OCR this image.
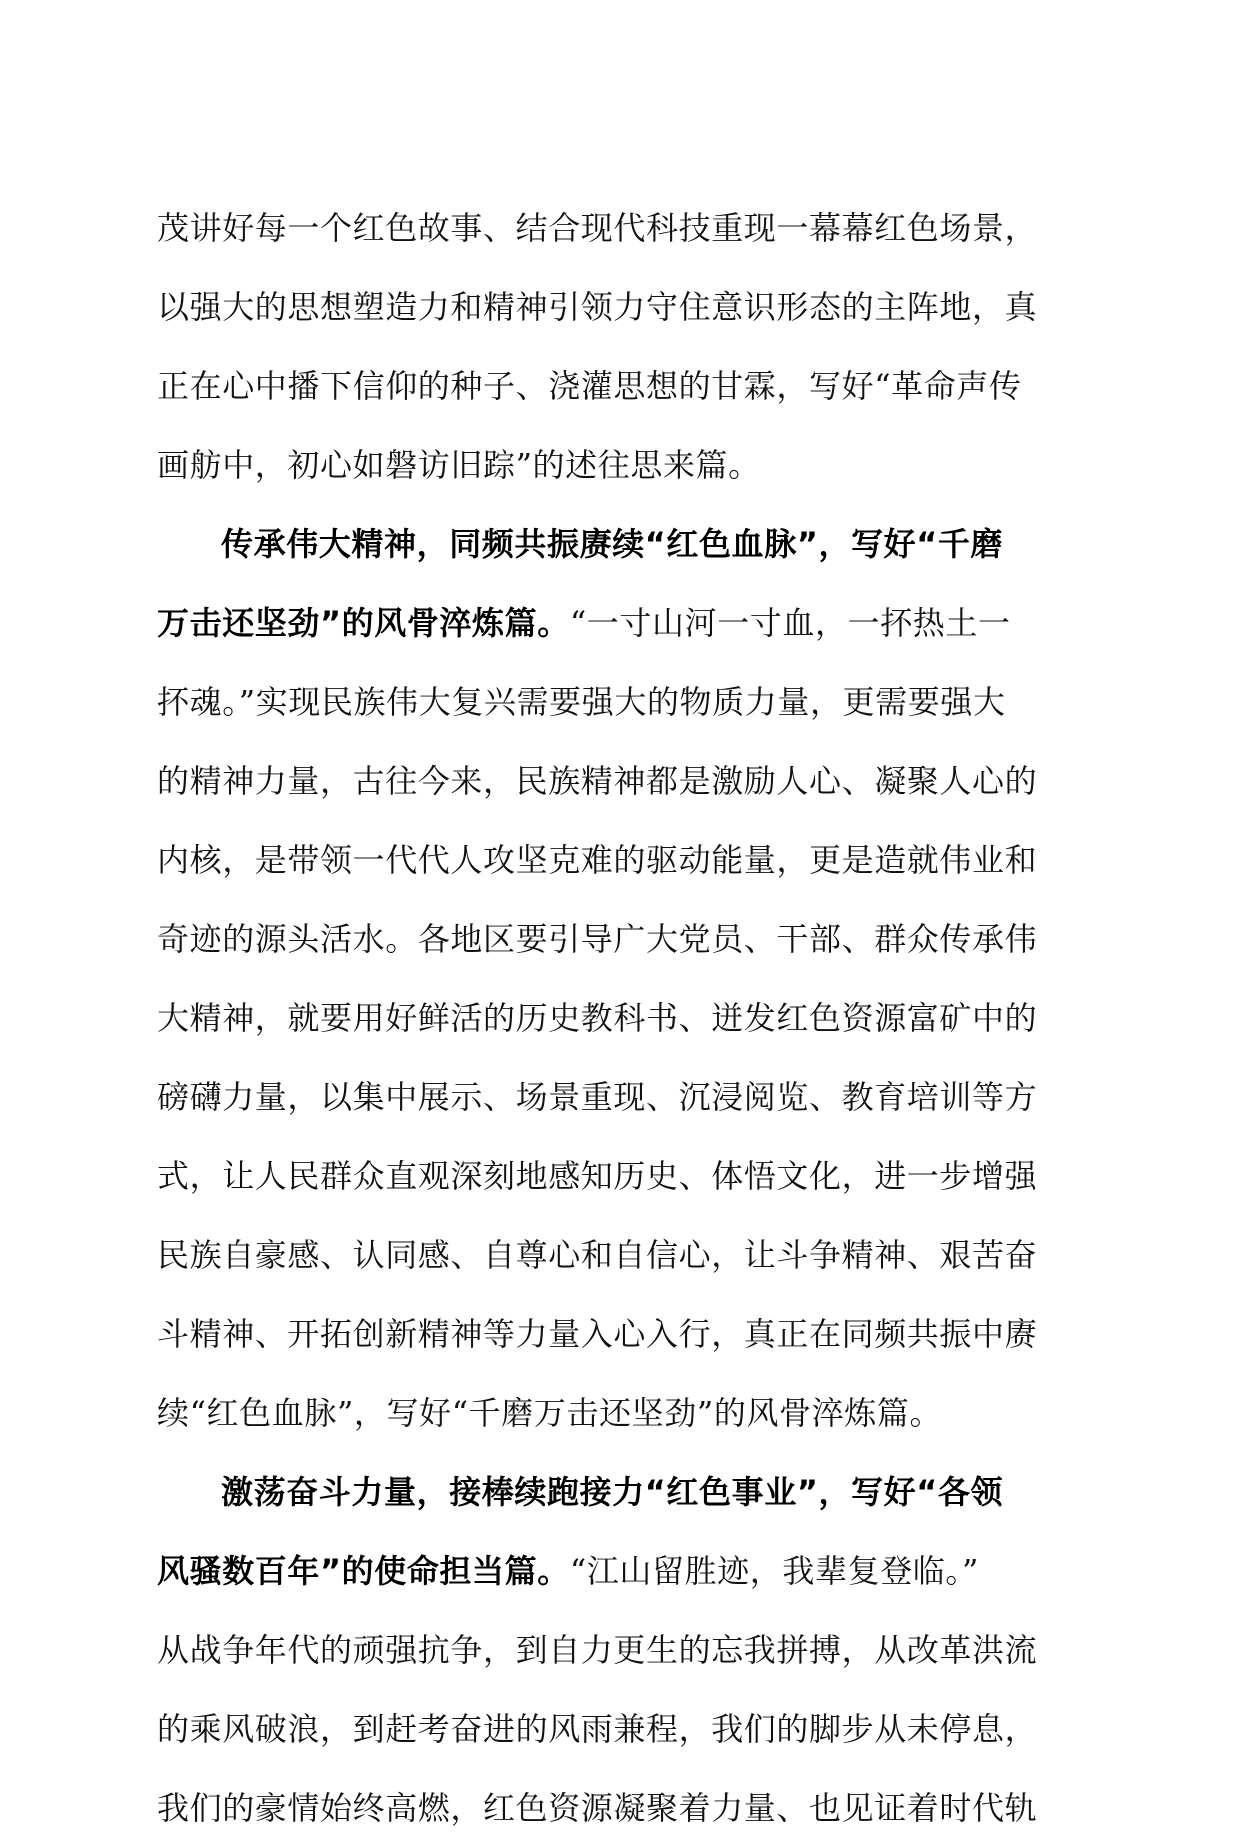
茂讲好每一个红色故事、结合现代科技重现一幕幕红色场景，
以强大的思想塑造力和精神引领力守住意识形态的主阵地，真
正在心中播下信仰的种子、浇灌思想的甘霖，写好“革命声传
画舫中，初心如磐访旧踪”的述往思来篇。
传承伟大精神，同频共振赓续“红色血脉”，写好“千磨
万击还坚劲”的风骨淬炼篇。“一寸山河一寸血，一抔热土一
抔魂。”实现民族伟大复兴需要强大的物质力量，更需要强大
的精神力量，古往今来，民族精神都是激励人心、凝聚人心的
内核，是带领一代代人攻坚克难的驱动能量，更是造就伟业和
奇迹的源头活水。各地区要引导广大党员、干部、群众传承伟
大精神，就要用好鲜活的历史教科书、迸发红色资源富矿中的
磅礴力量，以集中展示、场景重现、沉浸阅览、教育培训等方
式，让人民群众直观深刻地感知历史、体悟文化，进一步增强
民族自豪感、认同感、自尊心和自信心，让斗争精神、艰苦奋
斗精神、开拓创新精神等力量入心入行，真正在同频共振中赓
续“红色血脉”，写好“千磨万击还坚劲”的风骨淬炼篇。
激荡奋斗力量，接棒续跑接力“红色事业”，写好“各领
风骚数百年”的使命担当篇。“江山留胜迹，我辈复登临。”
从战争年代的顽强抗争，到自力更生的忘我拼搏，从改革洪流
的乘风破浪，到赶考奋进的风雨兼程，我们的脚步从未停息，
我们的豪情始终高燃，红色资源凝聚着力量、也见证着时代轨
